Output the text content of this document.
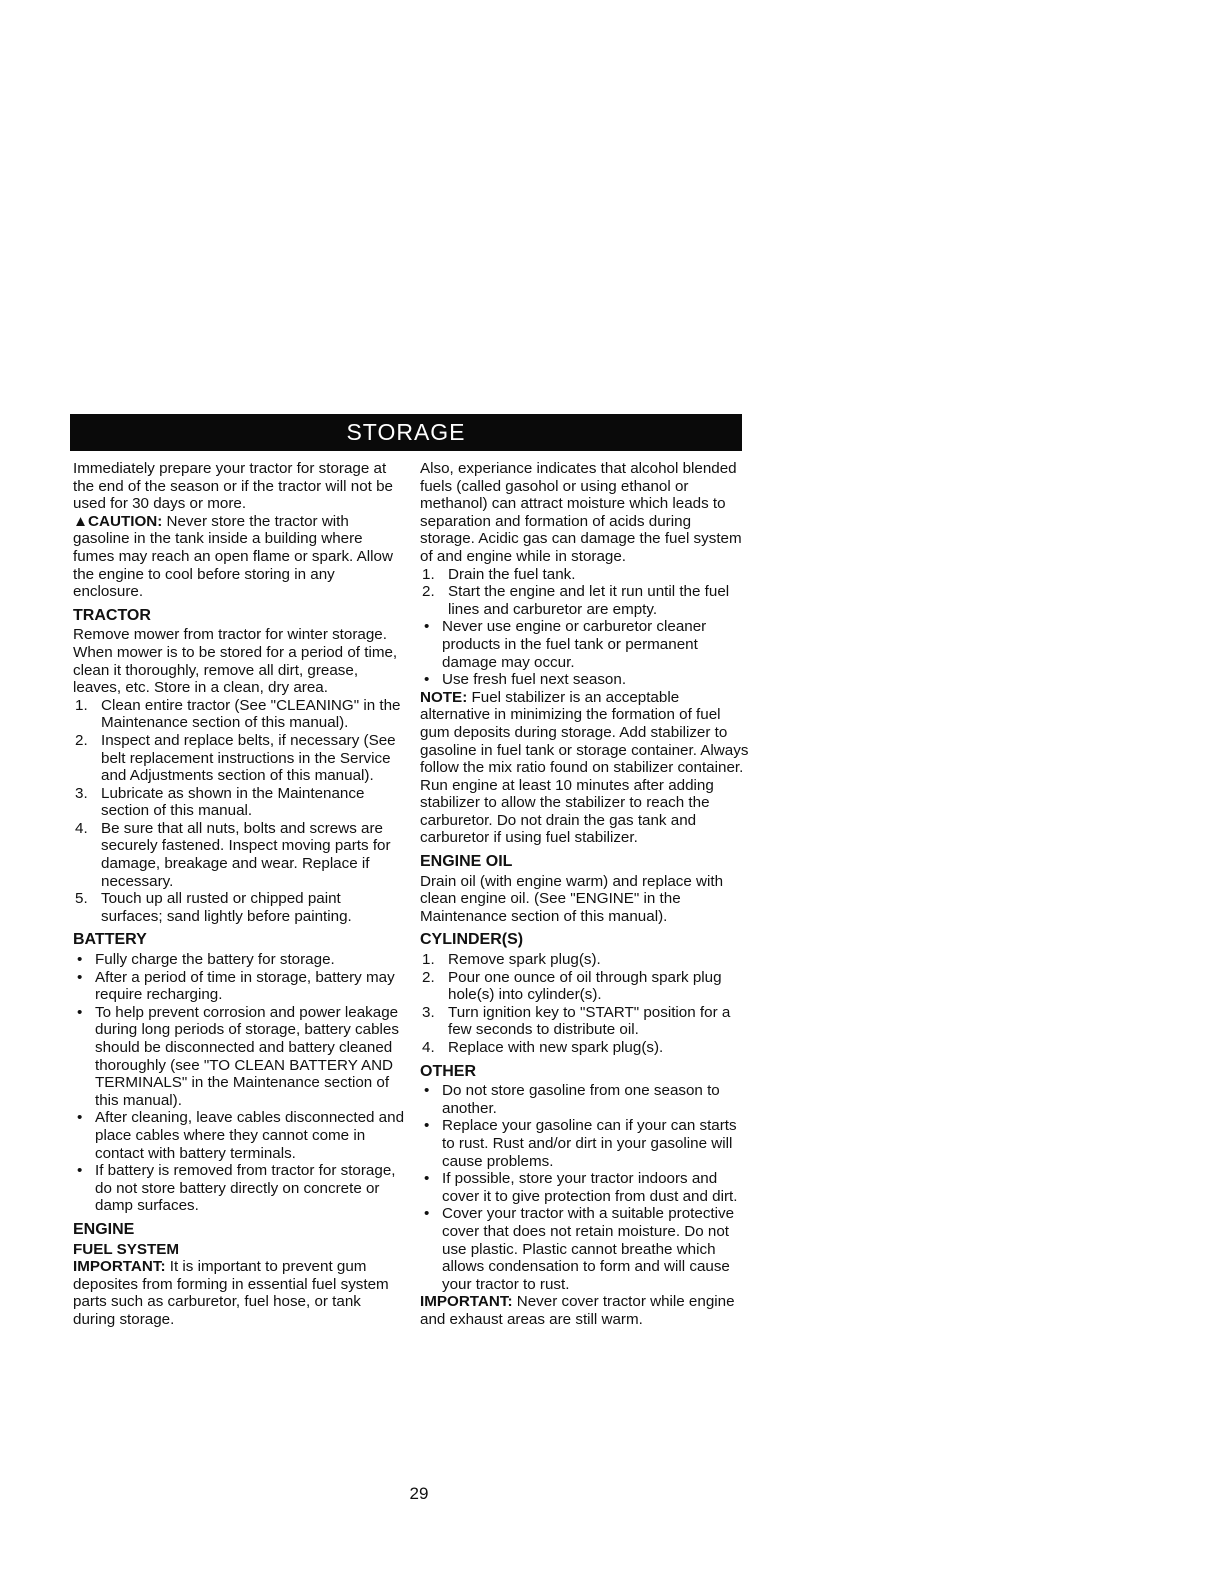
STORAGE

Immediately prepare your tractor for storage at the end of the season or if the tractor will not be used for 30 days or more.

▲CAUTION: Never store the tractor with gasoline in the tank inside a building where fumes may reach an open flame or spark. Allow the engine to cool before storing in any enclosure.

TRACTOR

Remove mower from tractor for winter storage. When mower is to be stored for a period of time, clean it thoroughly, remove all dirt, grease, leaves, etc. Store in a clean, dry area.

1. Clean entire tractor (See "CLEANING" in the Maintenance section of this manual).
2. Inspect and replace belts, if necessary (See belt replacement instructions in the Service and Adjustments section of this manual).
3. Lubricate as shown in the Maintenance section of this manual.
4. Be sure that all nuts, bolts and screws are securely fastened. Inspect moving parts for damage, breakage and wear. Replace if necessary.
5. Touch up all rusted or chipped paint surfaces; sand lightly before painting.

BATTERY

• Fully charge the battery for storage.
• After a period of time in storage, battery may require recharging.
• To help prevent corrosion and power leakage during long periods of storage, battery cables should be disconnected and battery cleaned thoroughly (see "TO CLEAN BATTERY AND TERMINALS" in the Maintenance section of this manual).
• After cleaning, leave cables disconnected and place cables where they cannot come in contact with battery terminals.
• If battery is removed from tractor for storage, do not store battery directly on concrete or damp surfaces.

ENGINE

FUEL SYSTEM

IMPORTANT: It is important to prevent gum deposites from forming in essential fuel system parts such as carburetor, fuel hose, or tank during storage.

Also, experiance indicates that alcohol blended fuels (called gasohol or using ethanol or methanol) can attract moisture which leads to separation and formation of acids during storage. Acidic gas can damage the fuel system of and engine while in storage.

1. Drain the fuel tank.
2. Start the engine and let it run until the fuel lines and carburetor are empty.
• Never use engine or carburetor cleaner products in the fuel tank or permanent damage may occur.
• Use fresh fuel next season.

NOTE: Fuel stabilizer is an acceptable alternative in minimizing the formation of fuel gum deposits during storage. Add stabilizer to gasoline in fuel tank or storage container. Always follow the mix ratio found on stabilizer container. Run engine at least 10 minutes after adding stabilizer to allow the stabilizer to reach the carburetor. Do not drain the gas tank and carburetor if using fuel stabilizer.

ENGINE OIL

Drain oil (with engine warm) and replace with clean engine oil. (See "ENGINE" in the Maintenance section of this manual).

CYLINDER(S)

1. Remove spark plug(s).
2. Pour one ounce of oil through spark plug hole(s) into cylinder(s).
3. Turn ignition key to "START" position for a few seconds to distribute oil.
4. Replace with new spark plug(s).

OTHER

• Do not store gasoline from one season to another.
• Replace your gasoline can if your can starts to rust. Rust and/or dirt in your gasoline will cause problems.
• If possible, store your tractor indoors and cover it to give protection from dust and dirt.
• Cover your tractor with a suitable protective cover that does not retain moisture. Do not use plastic. Plastic cannot breathe which allows condensation to form and will cause your tractor to rust.

IMPORTANT: Never cover tractor while engine and exhaust areas are still warm.

29
